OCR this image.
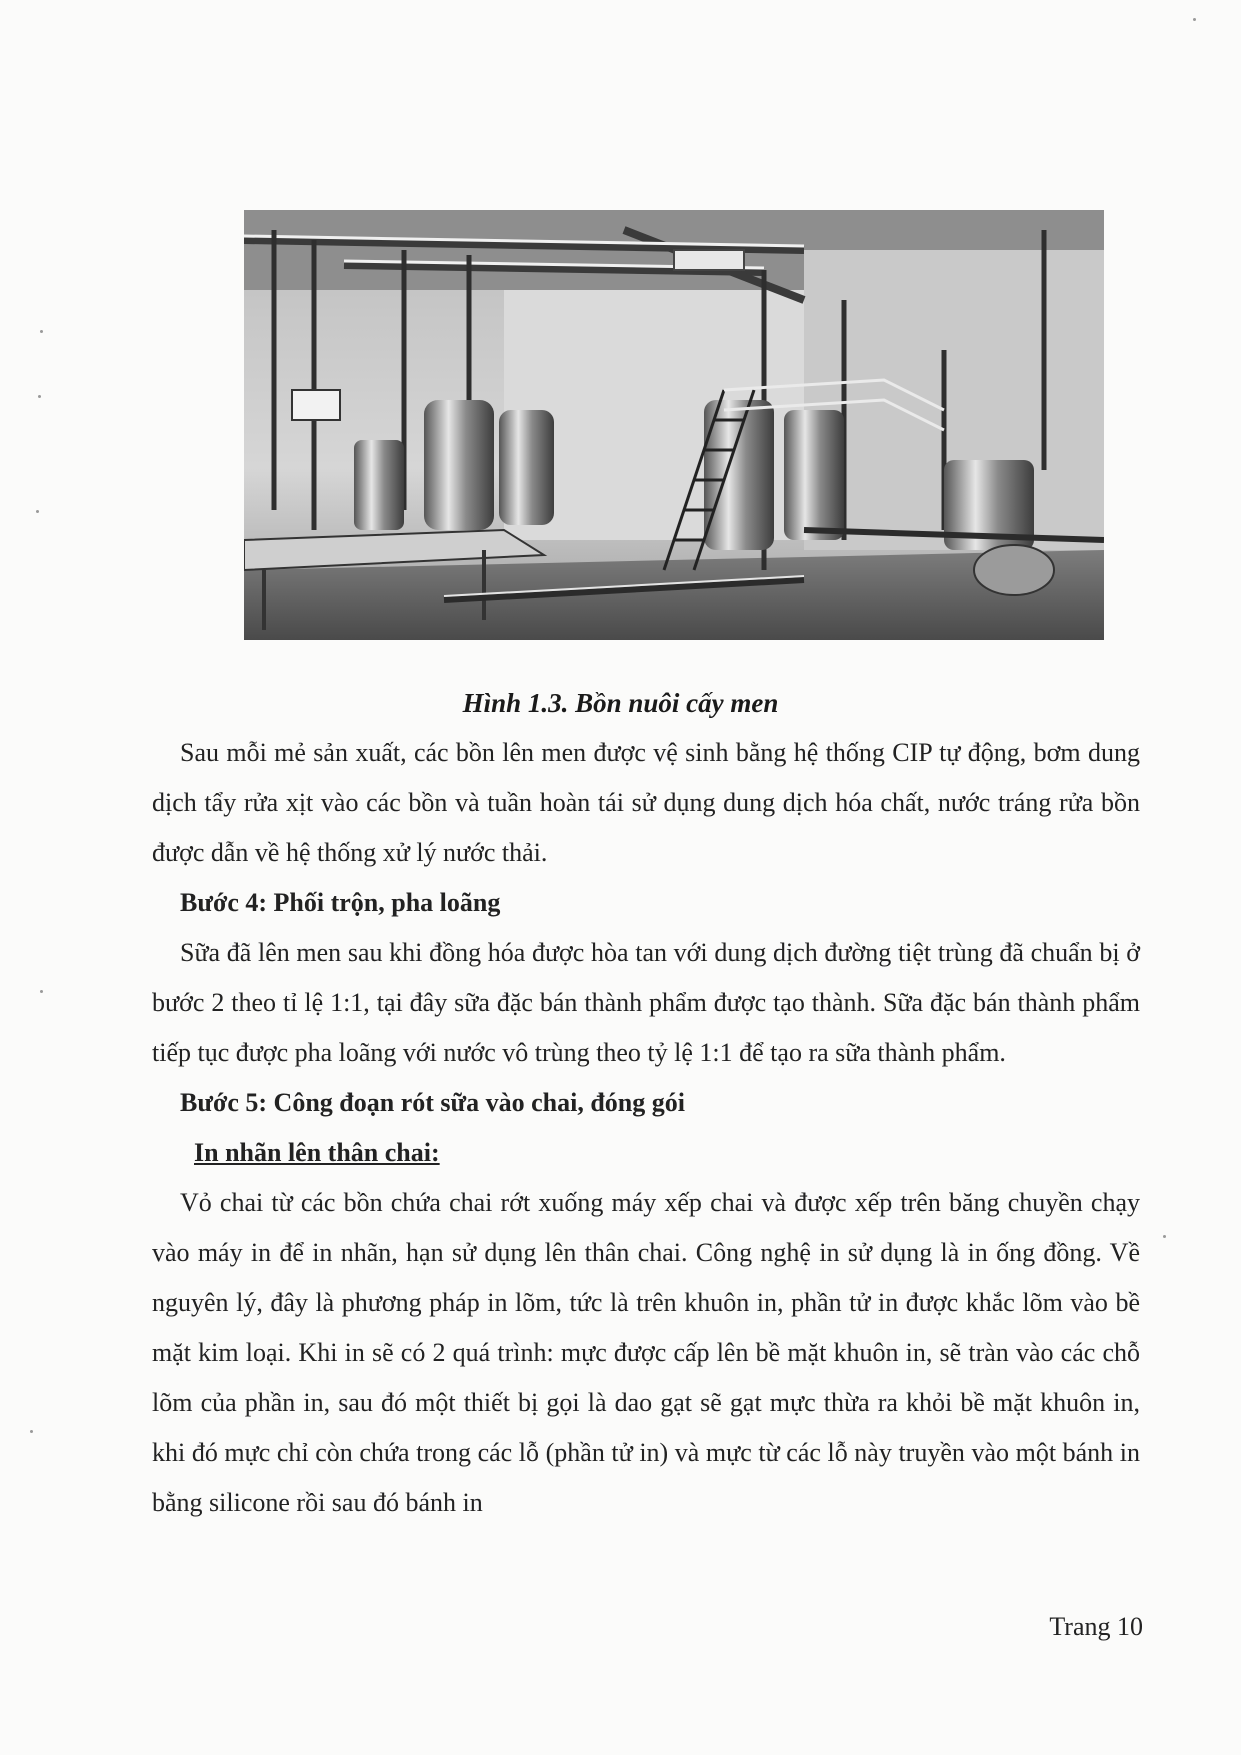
Hình 1.3. Bồn nuôi cấy men

Sau mỗi mẻ sản xuất, các bồn lên men được vệ sinh bằng hệ thống CIP tự động, bơm dung dịch tẩy rửa xịt vào các bồn và tuần hoàn tái sử dụng dung dịch hóa chất, nước tráng rửa bồn được dẫn về hệ thống xử lý nước thải.

Bước 4: Phối trộn, pha loãng

Sữa đã lên men sau khi đồng hóa được hòa tan với dung dịch đường tiệt trùng đã chuẩn bị ở bước 2 theo tỉ lệ 1:1, tại đây sữa đặc bán thành phẩm được tạo thành. Sữa đặc bán thành phẩm tiếp tục được pha loãng với nước vô trùng theo tỷ lệ 1:1 để tạo ra sữa thành phẩm.

Bước 5: Công đoạn rót sữa vào chai, đóng gói

In nhãn lên thân chai:

Vỏ chai từ các bồn chứa chai rớt xuống máy xếp chai và được xếp trên băng chuyền chạy vào máy in để in nhãn, hạn sử dụng lên thân chai. Công nghệ in sử dụng là in ống đồng. Về nguyên lý, đây là phương pháp in lõm, tức là trên khuôn in, phần tử in được khắc lõm vào bề mặt kim loại. Khi in sẽ có 2 quá trình: mực được cấp lên bề mặt khuôn in, sẽ tràn vào các chỗ lõm của phần in, sau đó một thiết bị gọi là dao gạt sẽ gạt mực thừa ra khỏi bề mặt khuôn in, khi đó mực chỉ còn chứa trong các lỗ (phần tử in) và mực từ các lỗ này truyền vào một bánh in bằng silicone rồi sau đó bánh in

Trang 10
